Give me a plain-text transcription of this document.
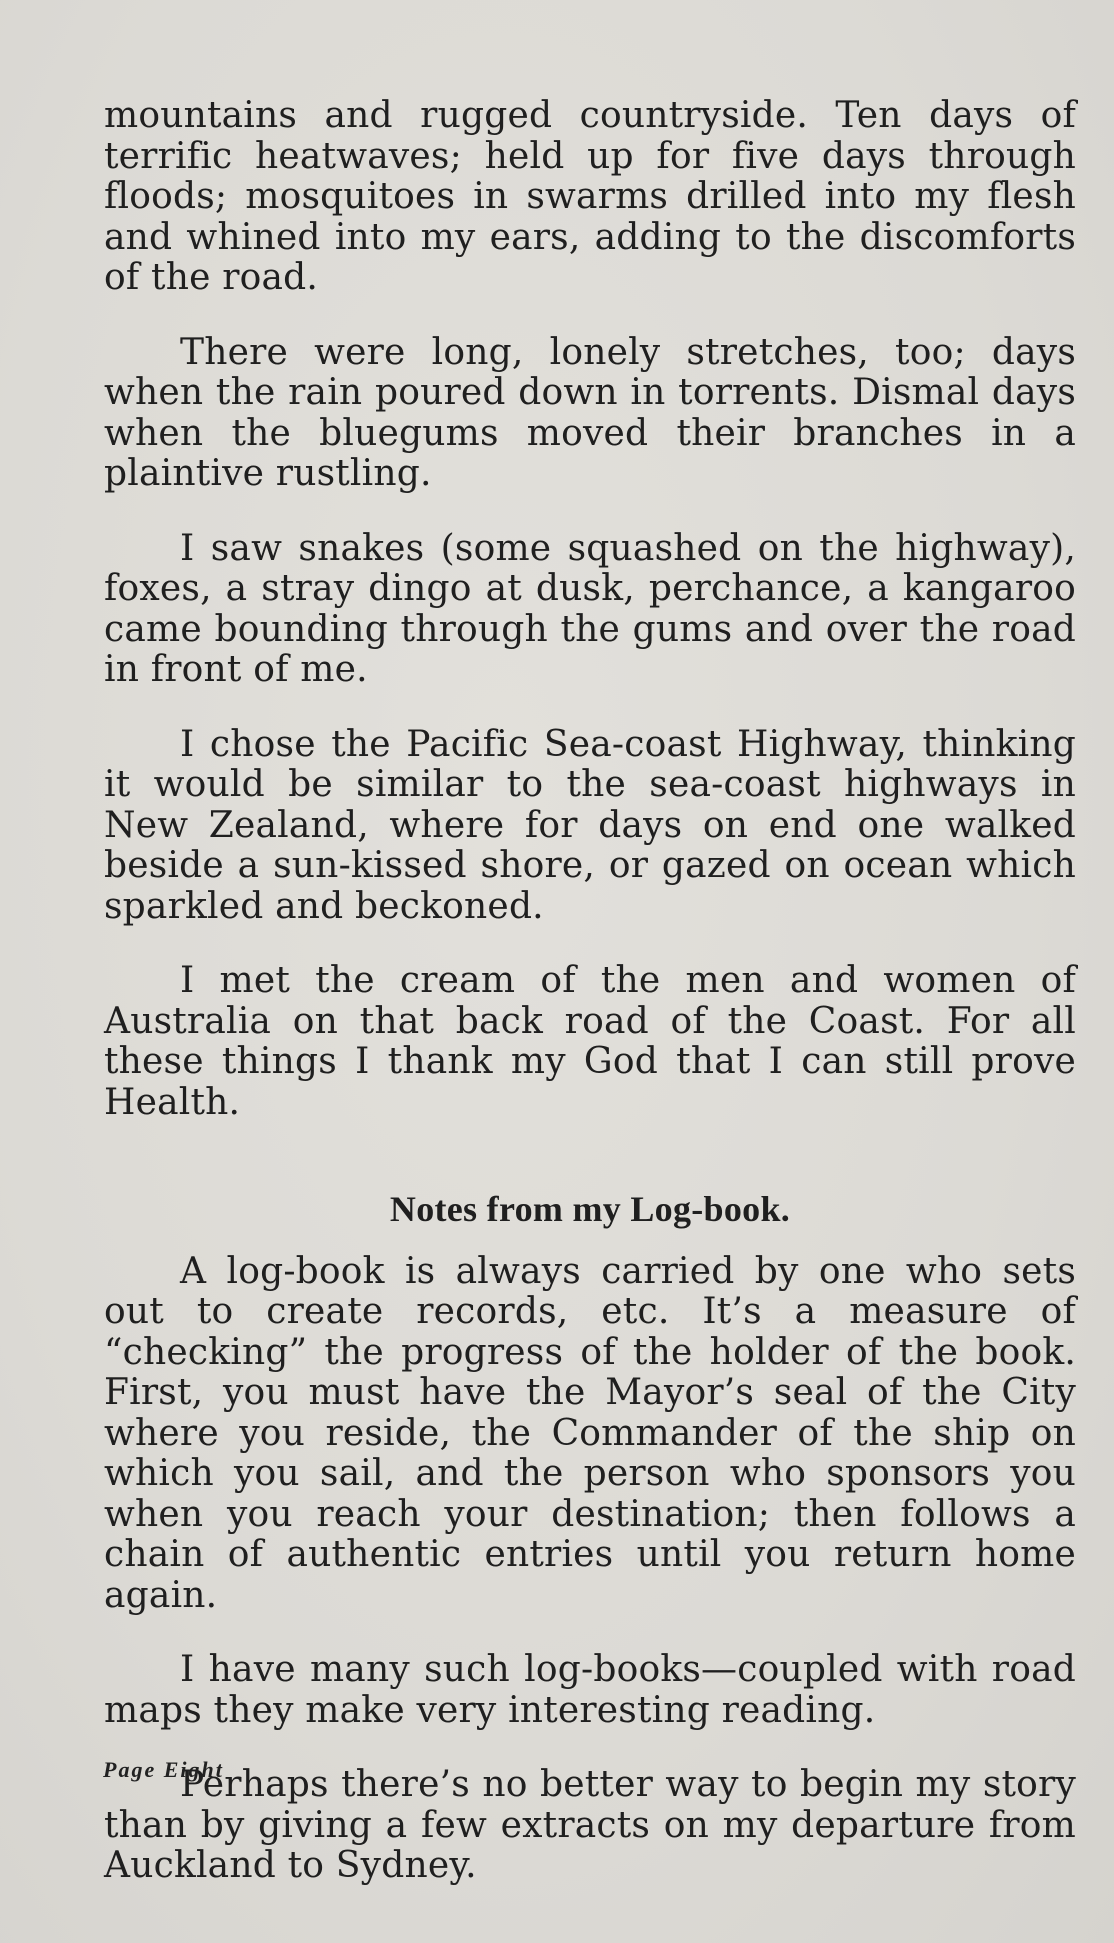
mountains and rugged countryside. Ten days of terrific heatwaves; held up for five days through floods; mosquitoes in swarms drilled into my flesh and whined into my ears, adding to the discomforts of the road.

There were long, lonely stretches, too; days when the rain poured down in torrents. Dismal days when the bluegums moved their branches in a plaintive rustling.

I saw snakes (some squashed on the highway), foxes, a stray dingo at dusk, perchance, a kangaroo came bounding through the gums and over the road in front of me.

I chose the Pacific Sea-coast Highway, thinking it would be similar to the sea-coast highways in New Zealand, where for days on end one walked beside a sun-kissed shore, or gazed on ocean which sparkled and beckoned.

I met the cream of the men and women of Australia on that back road of the Coast. For all these things I thank my God that I can still prove Health.

Notes from my Log-book.

A log-book is always carried by one who sets out to create records, etc. It’s a measure of “checking” the progress of the holder of the book. First, you must have the Mayor’s seal of the City where you reside, the Commander of the ship on which you sail, and the person who sponsors you when you reach your destination; then follows a chain of authentic entries until you return home again.

I have many such log-books—coupled with road maps they make very interesting reading.

Perhaps there’s no better way to begin my story than by giving a few extracts on my departure from Auckland to Sydney.

Page Eight
